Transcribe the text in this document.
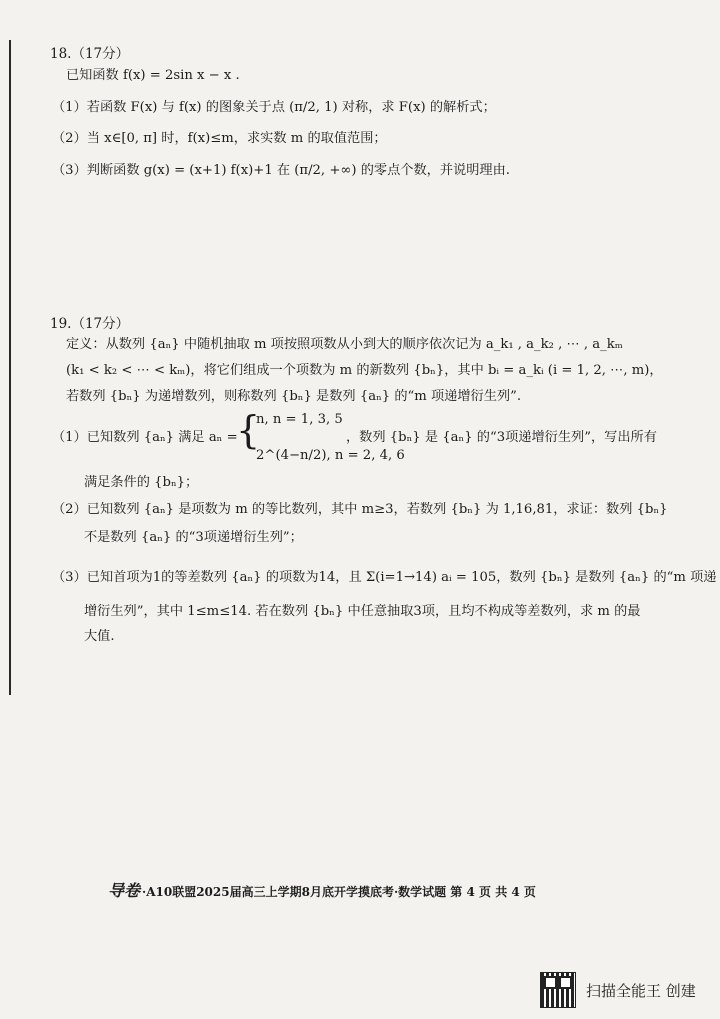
18.（17分）
已知函数 f(x) = 2sin x − x .
（1）若函数 F(x) 与 f(x) 的图象关于点 (π/2, 1) 对称，求 F(x) 的解析式；
（2）当 x∈[0, π] 时，f(x)≤m，求实数 m 的取值范围；
（3）判断函数 g(x) = (x+1) f(x)+1 在 (π/2, +∞) 的零点个数，并说明理由.
19.（17分）
定义：从数列 {aₙ} 中随机抽取 m 项按照项数从小到大的顺序依次记为 a_k₁ , a_k₂ , ⋯ , a_kₘ
(k₁ < k₂ < ⋯ < kₘ)，将它们组成一个项数为 m 的新数列 {bₙ}，其中 bᵢ = a_kᵢ (i = 1, 2, ⋯, m)，
若数列 {bₙ} 为递增数列，则称数列 {bₙ} 是数列 {aₙ} 的“m 项递增衍生列”.
（1）已知数列 {aₙ} 满足 aₙ =
{
n, n = 1, 3, 5
2^(4−n/2), n = 2, 4, 6
，数列 {bₙ} 是 {aₙ} 的“3项递增衍生列”，写出所有
满足条件的 {bₙ}；
（2）已知数列 {aₙ} 是项数为 m 的等比数列，其中 m≥3，若数列 {bₙ} 为 1,16,81，求证：数列 {bₙ}
不是数列 {aₙ} 的“3项递增衍生列”；
（3）已知首项为1的等差数列 {aₙ} 的项数为14，且 Σ(i=1→14) aᵢ = 105，数列 {bₙ} 是数列 {aₙ} 的“m 项递
增衍生列”，其中 1≤m≤14. 若在数列 {bₙ} 中任意抽取3项，且均不构成等差数列，求 m 的最
大值.
导卷 ·A10联盟2025届高三上学期8月底开学摸底考·数学试题 第 4 页 共 4 页
扫描全能王 创建
